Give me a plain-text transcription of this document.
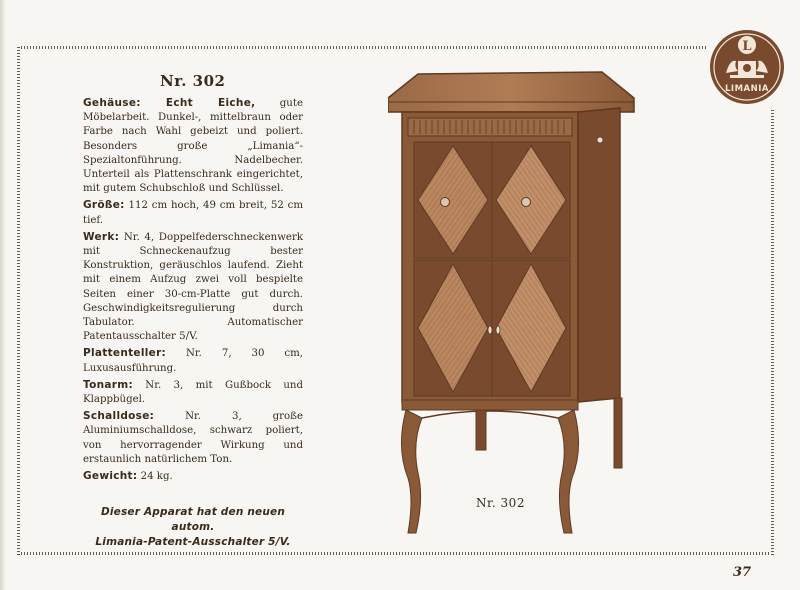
L
LIMANIA
Nr. 302
Gehäuse: Echt Eiche, gute Möbelarbeit. Dunkel-, mittelbraun oder Farbe nach Wahl gebeizt und poliert. Besonders große „Limania“-Spezialtonführung. Nadelbecher. Unterteil als Plattenschrank eingerichtet, mit gutem Schubschloß und Schlüssel.
Größe: 112 cm hoch, 49 cm breit, 52 cm tief.
Werk: Nr. 4, Doppelfederschneckenwerk mit Schneckenaufzug bester Konstruktion, geräuschlos laufend. Zieht mit einem Aufzug zwei voll bespielte Seiten einer 30-cm-Platte gut durch. Geschwindigkeitsregulierung durch Tabulator. Automatischer Patentausschalter 5/V.
Plattenteller: Nr. 7, 30 cm, Luxusausführung.
Tonarm: Nr. 3, mit Gußbock und Klappbügel.
Schalldose: Nr. 3, große Aluminiumschalldose, schwarz poliert, von hervorragender Wirkung und erstaunlich natürlichem Ton.
Gewicht: 24 kg.
Dieser Apparat hat den neuen autom.
Limania-Patent-Ausschalter 5/V.
Nr. 302
37
